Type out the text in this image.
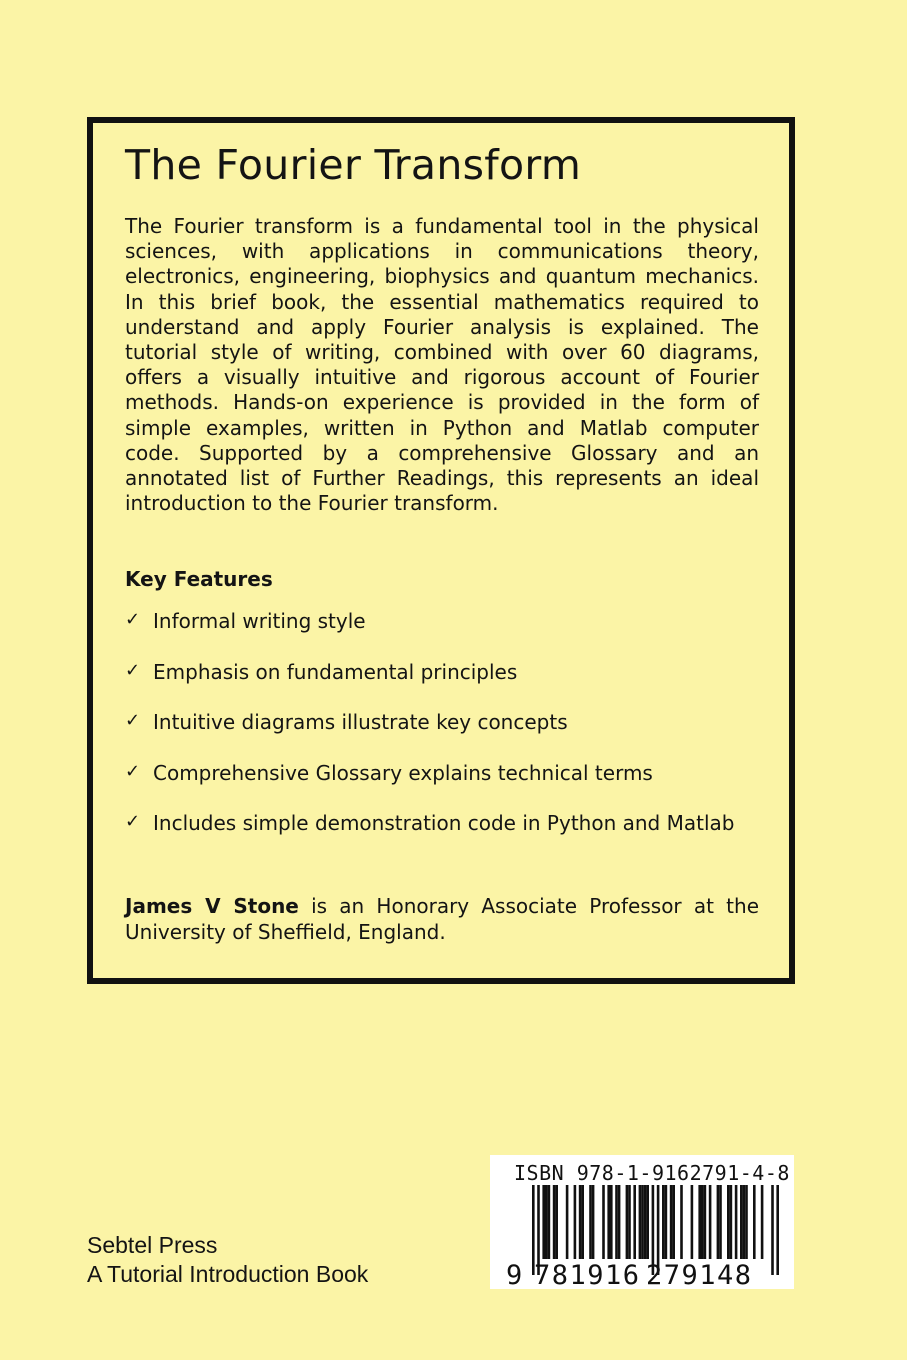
The Fourier Transform

The Fourier transform is a fundamental tool in the physical sciences, with applications in communications theory, electronics, engineering, biophysics and quantum mechanics. In this brief book, the essential mathematics required to understand and apply Fourier analysis is explained. The tutorial style of writing, combined with over 60 diagrams, offers a visually intuitive and rigorous account of Fourier methods. Hands-on experience is provided in the form of simple examples, written in Python and Matlab computer code. Supported by a comprehensive Glossary and an annotated list of Further Readings, this represents an ideal introduction to the Fourier transform.

Key Features
✓ Informal writing style
✓ Emphasis on fundamental principles
✓ Intuitive diagrams illustrate key concepts
✓ Comprehensive Glossary explains technical terms
✓ Includes simple demonstration code in Python and Matlab

James V Stone is an Honorary Associate Professor at the University of Sheffield, England.

Sebtel Press
A Tutorial Introduction Book
ISBN 978-1-9162791-4-8
9 781916 279148
